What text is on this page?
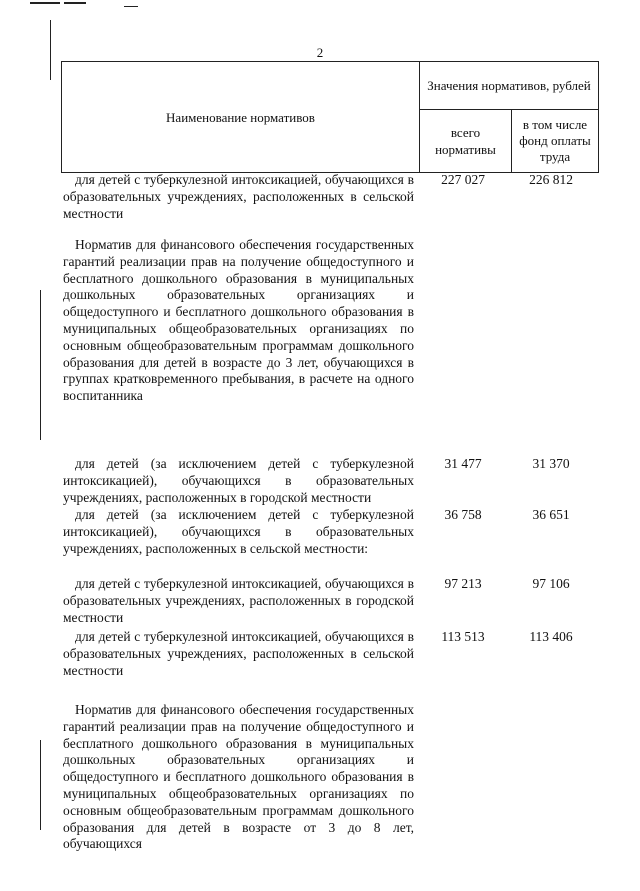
2
Наименование нормативов
Значения нормативов, рублей
всего нормативы
в том числе фонд оплаты труда
для детей с туберкулезной интоксикацией, обучающихся в образовательных учреждениях, расположенных в сельской местности
227 027	226 812
Норматив для финансового обеспечения государственных гарантий реализации прав на получение общедоступного и бесплатного дошкольного образования в муниципальных дошкольных образовательных организациях и общедоступного и бесплатного дошкольного образования в муниципальных общеобразовательных организациях по основным общеобразовательным программам дошкольного образования для детей в возрасте до 3 лет, обучающихся в группах кратковременного пребывания, в расчете на одного воспитанника
для детей (за исключением детей с туберкулезной интоксикацией), обучающихся в образовательных учреждениях, расположенных в городской местности
31 477	31 370
для детей (за исключением детей с туберкулезной интоксикацией), обучающихся в образовательных учреждениях, расположенных в сельской местности:
36 758	36 651
для детей с туберкулезной интоксикацией, обучающихся в образовательных учреждениях, расположенных в городской местности
97 213	97 106
для детей с туберкулезной интоксикацией, обучающихся в образовательных учреждениях, расположенных в сельской местности
113 513	113 406
Норматив для финансового обеспечения государственных гарантий реализации прав на получение общедоступного и бесплатного дошкольного образования в муниципальных дошкольных образовательных организациях и общедоступного и бесплатного дошкольного образования в муниципальных общеобразовательных организациях по основным общеобразовательным программам дошкольного образования для детей в возрасте от 3 до 8 лет, обучающихся
